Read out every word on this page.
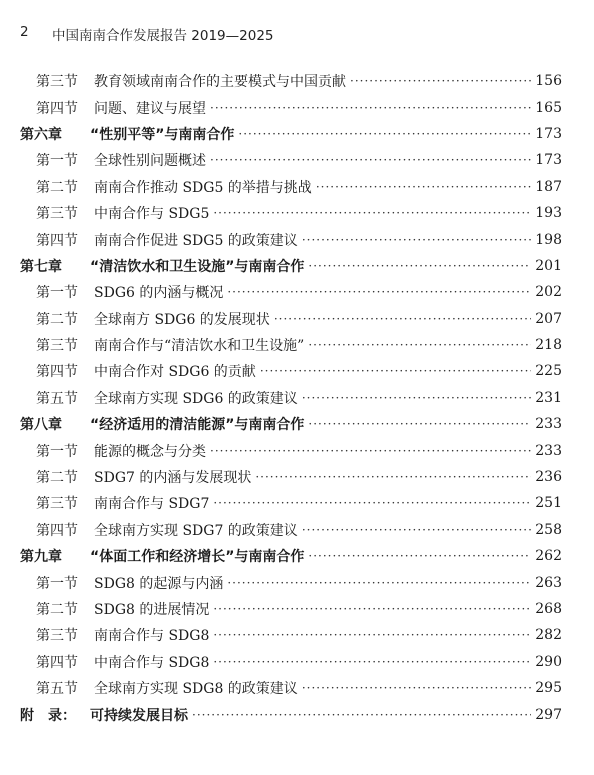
2 中国南南合作发展报告 2019—2025
第三节	教育领域南南合作的主要模式与中国贡献 ·····	156
第四节	问题、建议与展望 ·····	165
第六章	“性别平等”与南南合作 ·····	173
第一节	全球性别问题概述 ·····	173
第二节	南南合作推动 SDG5 的举措与挑战 ·····	187
第三节	中南合作与 SDG5 ·····	193
第四节	南南合作促进 SDG5 的政策建议 ·····	198
第七章	“清洁饮水和卫生设施”与南南合作 ·····	201
第一节	SDG6 的内涵与概况 ·····	202
第二节	全球南方 SDG6 的发展现状 ·····	207
第三节	南南合作与“清洁饮水和卫生设施” ·····	218
第四节	中南合作对 SDG6 的贡献 ·····	225
第五节	全球南方实现 SDG6 的政策建议 ·····	231
第八章	“经济适用的清洁能源”与南南合作 ·····	233
第一节	能源的概念与分类 ·····	233
第二节	SDG7 的内涵与发展现状 ·····	236
第三节	南南合作与 SDG7 ·····	251
第四节	全球南方实现 SDG7 的政策建议 ·····	258
第九章	“体面工作和经济增长”与南南合作 ·····	262
第一节	SDG8 的起源与内涵 ·····	263
第二节	SDG8 的进展情况 ·····	268
第三节	南南合作与 SDG8 ·····	282
第四节	中南合作与 SDG8 ·····	290
第五节	全球南方实现 SDG8 的政策建议 ·····	295
附　录：	可持续发展目标 ·····	297
